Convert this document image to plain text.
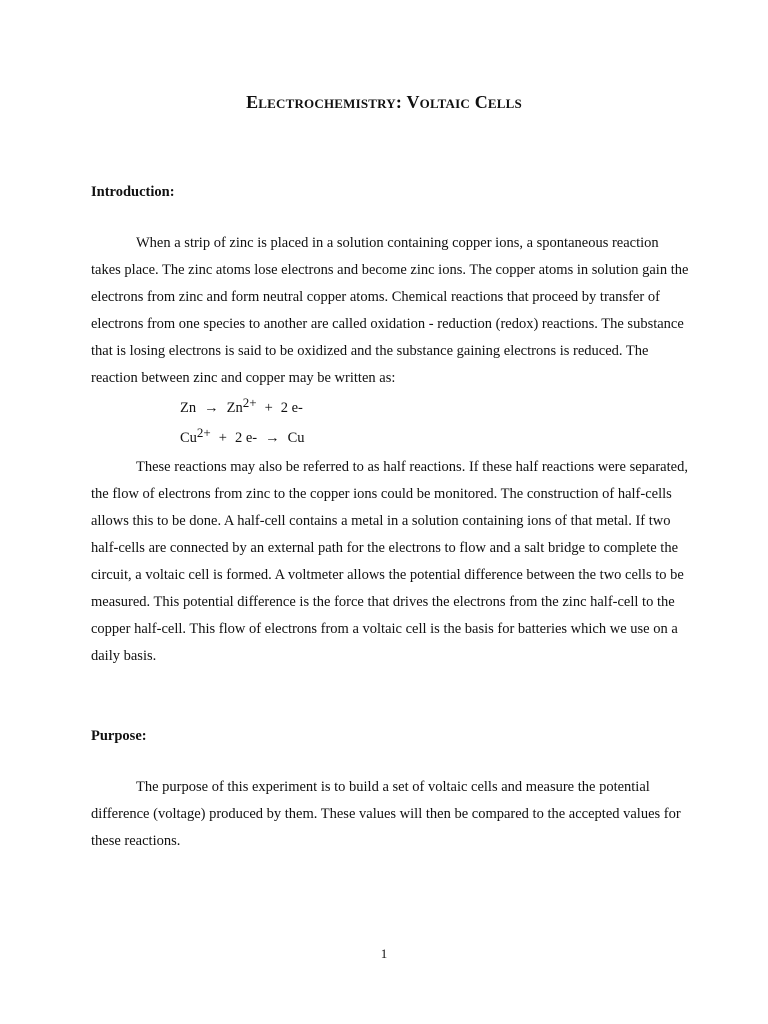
Electrochemistry: Voltaic Cells
Introduction:

When a strip of zinc is placed in a solution containing copper ions, a spontaneous reaction takes place. The zinc atoms lose electrons and become zinc ions. The copper atoms in solution gain the electrons from zinc and form neutral copper atoms. Chemical reactions that proceed by transfer of electrons from one species to another are called oxidation - reduction (redox) reactions. The substance that is losing electrons is said to be oxidized and the substance gaining electrons is reduced. The reaction between zinc and copper may be written as:

$Zn \to Zn^{2+} + 2$ e-
$Cu^{2+} + 2$ e- → Cu

These reactions may also be referred to as half reactions. If these half reactions were separated, the flow of electrons from zinc to the copper ions could be monitored. The construction of half-cells allows this to be done. A half-cell contains a metal in a solution containing ions of that metal. If two half-cells are connected by an external path for the electrons to flow and a salt bridge to complete the circuit, a voltaic cell is formed. A voltmeter allows the potential difference between the two cells to be measured. This potential difference is the force that drives the electrons from the zinc half-cell to the copper half-cell. This flow of electrons from a voltaic cell is the basis for batteries which we use on a daily basis.

Purpose:

The purpose of this experiment is to build a set of voltaic cells and measure the potential difference (voltage) produced by them. These values will then be compared to the accepted values for these reactions.

1
